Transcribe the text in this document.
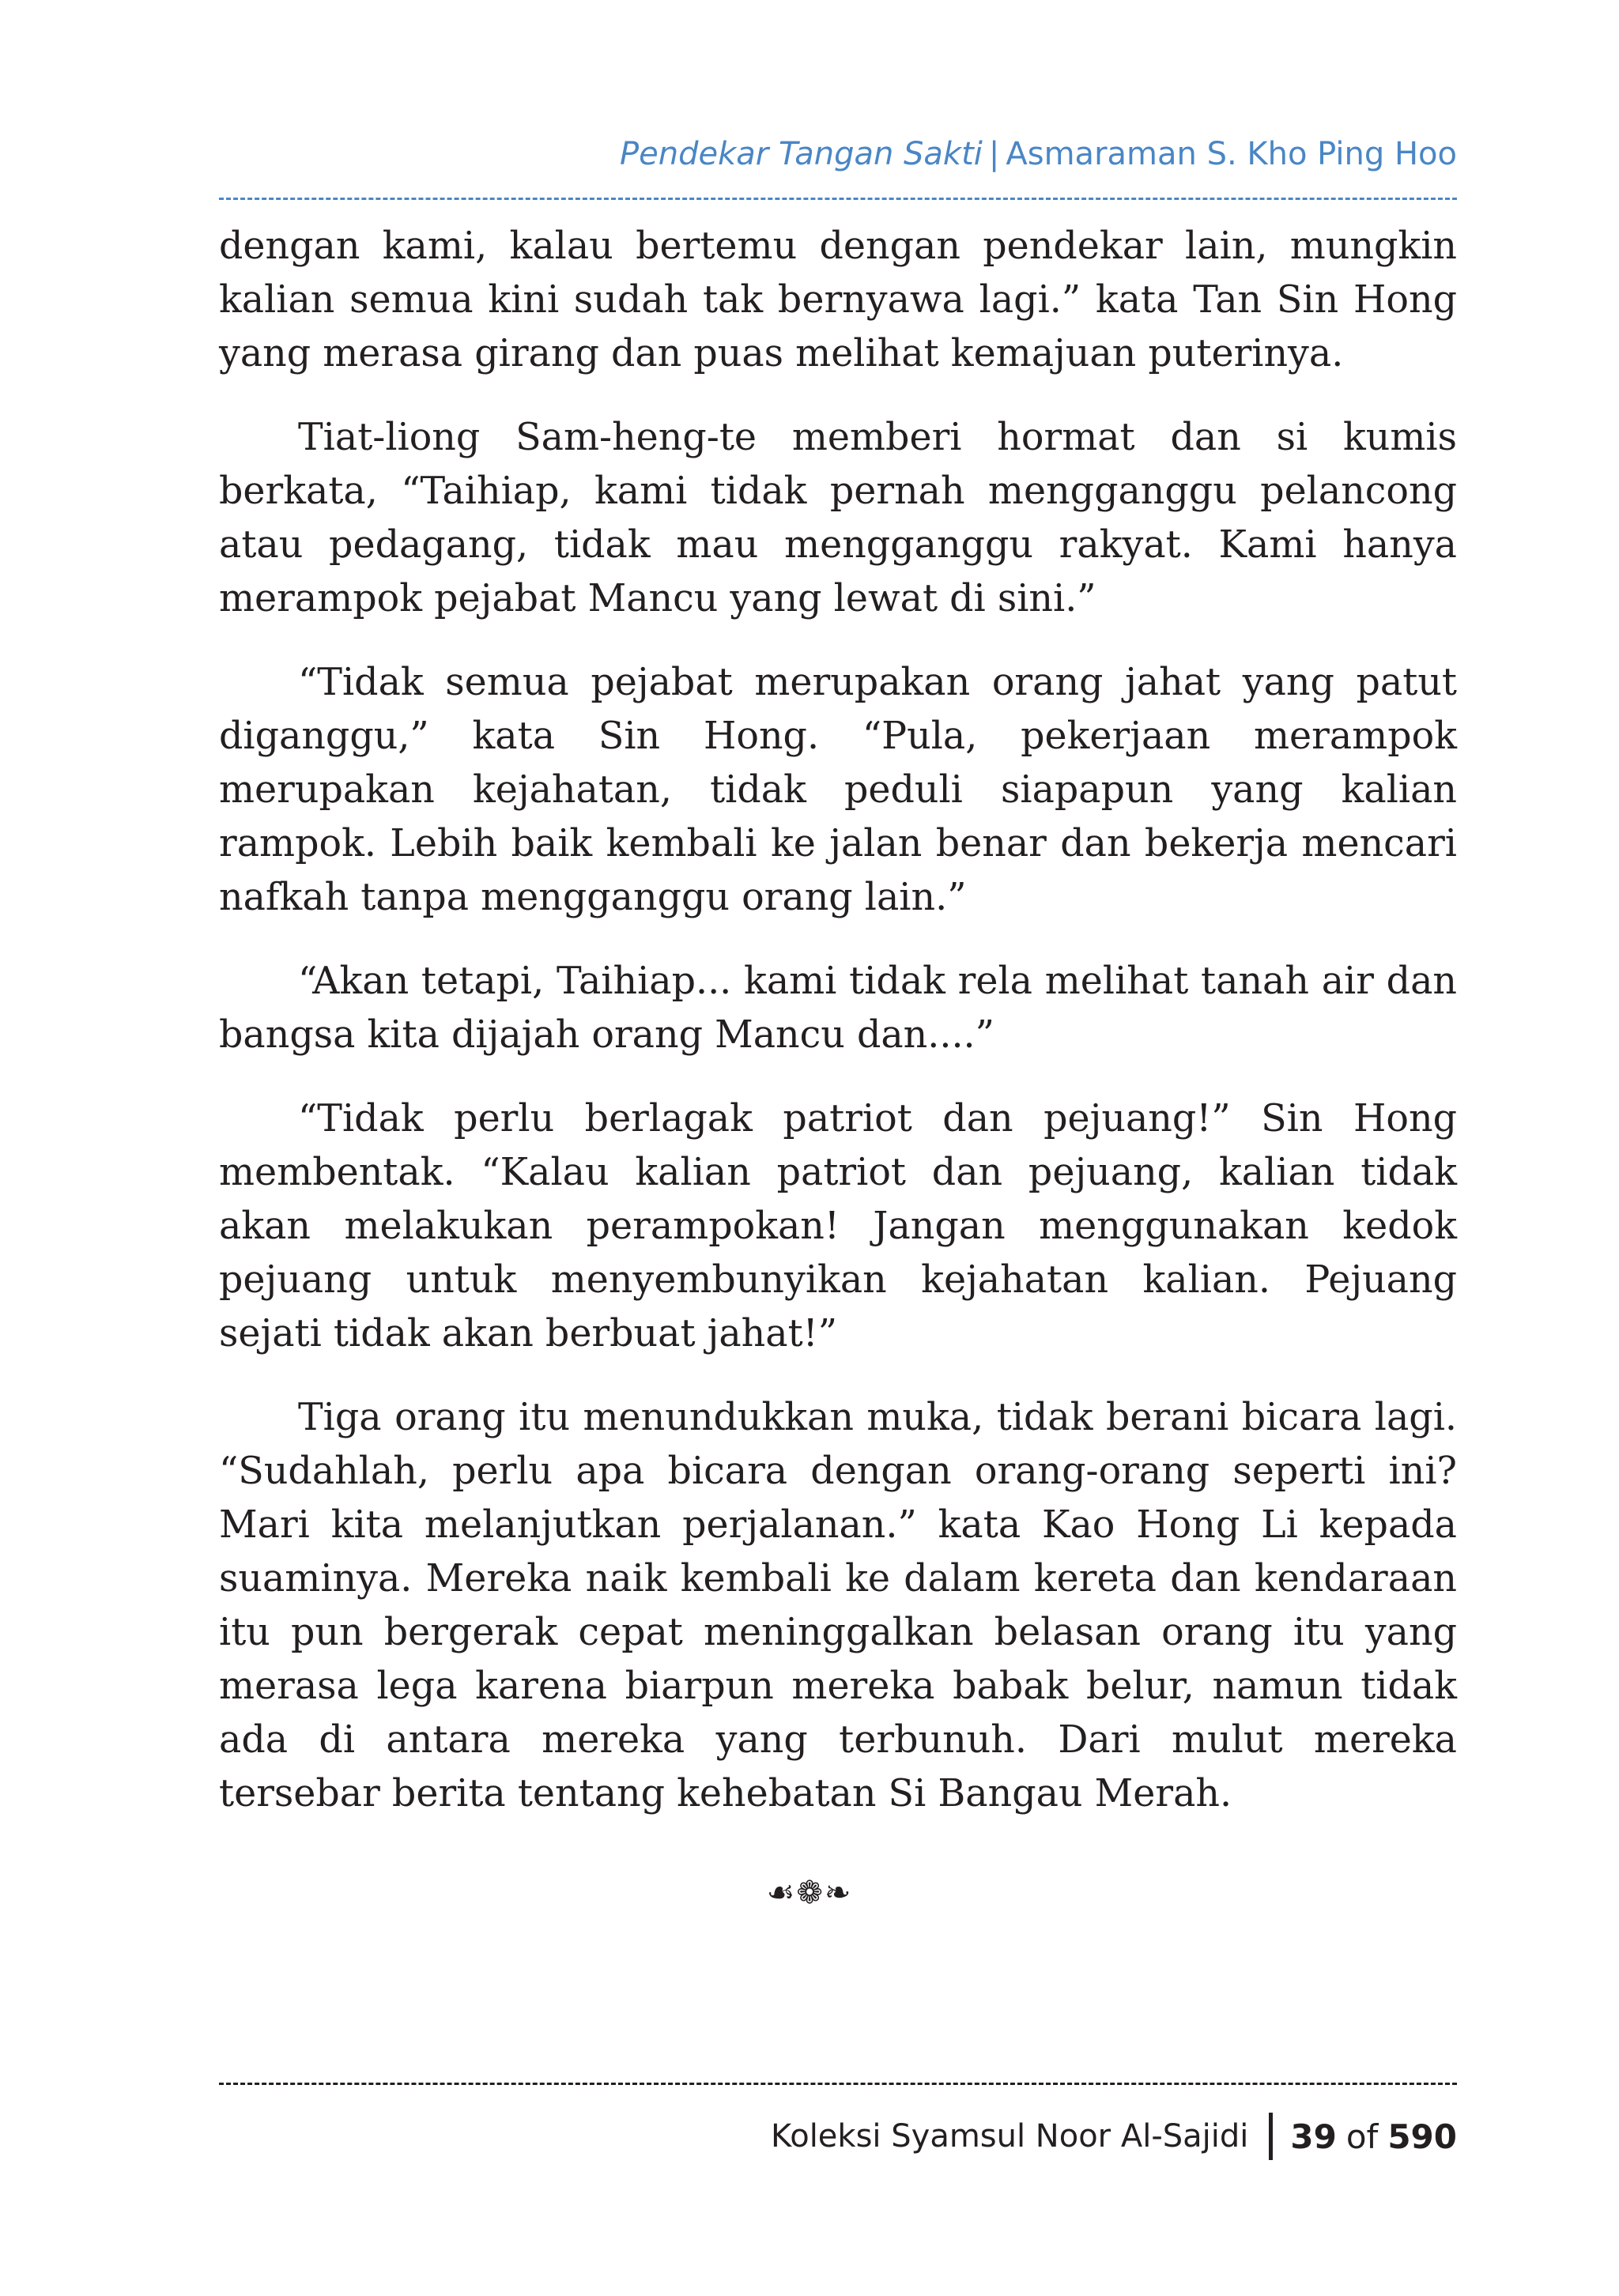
Pendekar Tangan Sakti | Asmaraman S. Kho Ping Hoo

dengan kami, kalau bertemu dengan pendekar lain, mungkin kalian semua kini sudah tak bernyawa lagi.” kata Tan Sin Hong yang merasa girang dan puas melihat kemajuan puterinya.

Tiat-liong Sam-heng-te memberi hormat dan si kumis berkata, “Taihiap, kami tidak pernah mengganggu pelancong atau pedagang, tidak mau mengganggu rakyat. Kami hanya merampok pejabat Mancu yang lewat di sini.”

“Tidak semua pejabat merupakan orang jahat yang patut diganggu,” kata Sin Hong. “Pula, pekerjaan merampok merupakan kejahatan, tidak peduli siapapun yang kalian rampok. Lebih baik kembali ke jalan benar dan bekerja mencari nafkah tanpa mengganggu orang lain.”

“Akan tetapi, Taihiap... kami tidak rela melihat tanah air dan bangsa kita dijajah orang Mancu dan....”

“Tidak perlu berlagak patriot dan pejuang!” Sin Hong membentak. “Kalau kalian patriot dan pejuang, kalian tidak akan melakukan perampokan! Jangan menggunakan kedok pejuang untuk menyembunyikan kejahatan kalian. Pejuang sejati tidak akan berbuat jahat!”

Tiga orang itu menundukkan muka, tidak berani bicara lagi. “Sudahlah, perlu apa bicara dengan orang-orang seperti ini? Mari kita melanjutkan perjalanan.” kata Kao Hong Li kepada suaminya. Mereka naik kembali ke dalam kereta dan kendaraan itu pun bergerak cepat meninggalkan belasan orang itu yang merasa lega karena biarpun mereka babak belur, namun tidak ada di antara mereka yang terbunuh. Dari mulut mereka tersebar berita tentang kehebatan Si Bangau Merah.

☙❁❧
Koleksi Syamsul Noor Al-Sajidi 39 of 590
